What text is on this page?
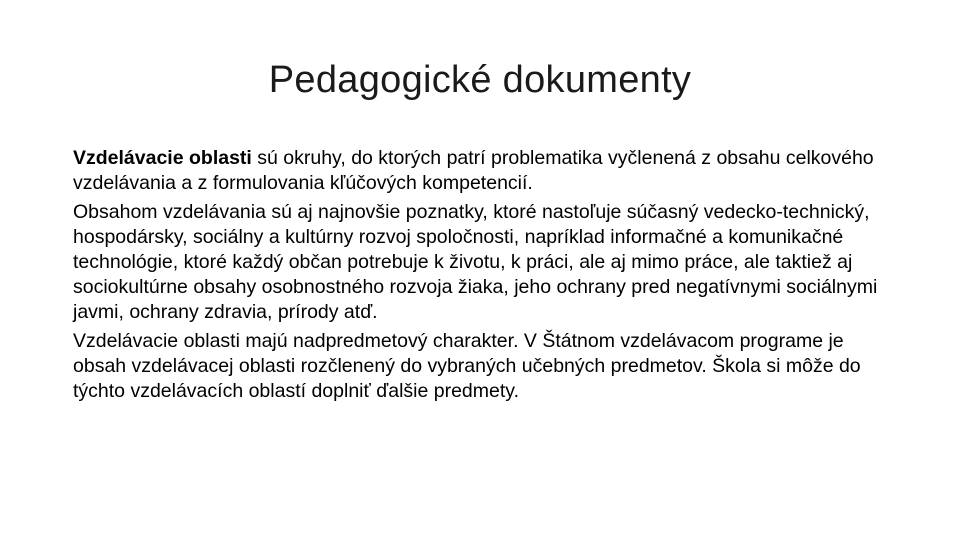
Pedagogické dokumenty

Vzdelávacie oblasti sú okruhy, do ktorých patrí problematika vyčlenená z obsahu celkového vzdelávania a z formulovania kľúčových kompetencií.

Obsahom vzdelávania sú aj najnovšie poznatky, ktoré nastoľuje súčasný vedecko-technický, hospodársky, sociálny a kultúrny rozvoj spoločnosti, napríklad informačné a komunikačné technológie, ktoré každý občan potrebuje k životu, k práci, ale aj mimo práce, ale taktiež aj sociokultúrne obsahy osobnostného rozvoja žiaka, jeho ochrany pred negatívnymi sociálnymi javmi, ochrany zdravia, prírody atď.

Vzdelávacie oblasti majú nadpredmetový charakter. V Štátnom vzdelávacom programe je obsah vzdelávacej oblasti rozčlenený do vybraných učebných predmetov. Škola si môže do týchto vzdelávacích oblastí doplniť ďalšie predmety.
